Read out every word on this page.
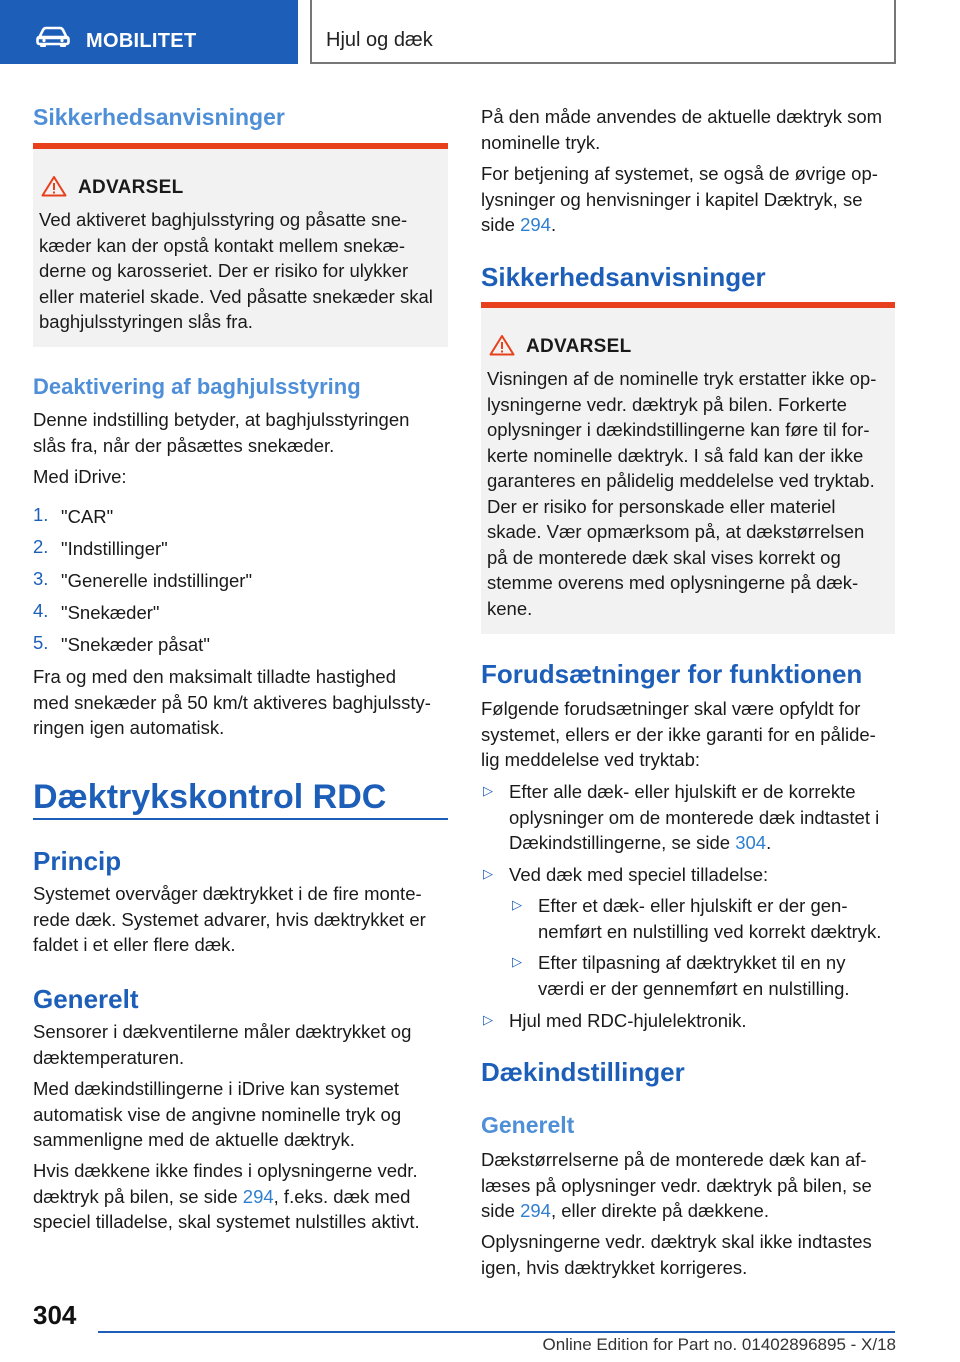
MOBILITET	Hjul og dæk
Sikkerhedsanvisninger
ADVARSEL
Ved aktiveret baghjulsstyring og påsatte sne-
kæder kan der opstå kontakt mellem snekæ-
derne og karosseriet. Der er risiko for ulykker
eller materiel skade. Ved påsatte snekæder skal
baghjulsstyringen slås fra.
Deaktivering af baghjulsstyring
Denne indstilling betyder, at baghjulsstyringen
slås fra, når der påsættes snekæder.
Med iDrive:
1. "CAR"
2. "Indstillinger"
3. "Generelle indstillinger"
4. "Snekæder"
5. "Snekæder påsat"
Fra og med den maksimalt tilladte hastighed
med snekæder på 50 km/t aktiveres baghjulssty-
ringen igen automatisk.
Dæktrykskontrol RDC
Princip
Systemet overvåger dæktrykket i de fire monte-
rede dæk. Systemet advarer, hvis dæktrykket er
faldet i et eller flere dæk.
Generelt
Sensorer i dækventilerne måler dæktrykket og
dæktemperaturen.
Med dækindstillingerne i iDrive kan systemet
automatisk vise de angivne nominelle tryk og
sammenligne med de aktuelle dæktryk.
Hvis dækkene ikke findes i oplysningerne vedr.
dæktryk på bilen, se side 294, f.eks. dæk med
speciel tilladelse, skal systemet nulstilles aktivt.
På den måde anvendes de aktuelle dæktryk som
nominelle tryk.
For betjening af systemet, se også de øvrige op-
lysninger og henvisninger i kapitel Dæktryk, se
side 294.
Sikkerhedsanvisninger
ADVARSEL
Visningen af de nominelle tryk erstatter ikke op-
lysningerne vedr. dæktryk på bilen. Forkerte
oplysninger i dækindstillingerne kan føre til for-
kerte nominelle dæktryk. I så fald kan der ikke
garanteres en pålidelig meddelelse ved tryktab.
Der er risiko for personskade eller materiel
skade. Vær opmærksom på, at dækstørrelsen
på de monterede dæk skal vises korrekt og
stemme overens med oplysningerne på dæk-
kene.
Forudsætninger for funktionen
Følgende forudsætninger skal være opfyldt for
systemet, ellers er der ikke garanti for en pålide-
lig meddelelse ved tryktab:
▷ Efter alle dæk- eller hjulskift er de korrekte
oplysninger om de monterede dæk indtastet i
Dækindstillingerne, se side 304.
▷ Ved dæk med speciel tilladelse:
▷ Efter et dæk- eller hjulskift er der gen-
nemført en nulstilling ved korrekt dæktryk.
▷ Efter tilpasning af dæktrykket til en ny
værdi er der gennemført en nulstilling.
▷ Hjul med RDC-hjulelektronik.
Dækindstillinger
Generelt
Dækstørrelserne på de monterede dæk kan af-
læses på oplysninger vedr. dæktryk på bilen, se
side 294, eller direkte på dækkene.
Oplysningerne vedr. dæktryk skal ikke indtastes
igen, hvis dæktrykket korrigeres.
304
Online Edition for Part no. 01402896895 - X/18
